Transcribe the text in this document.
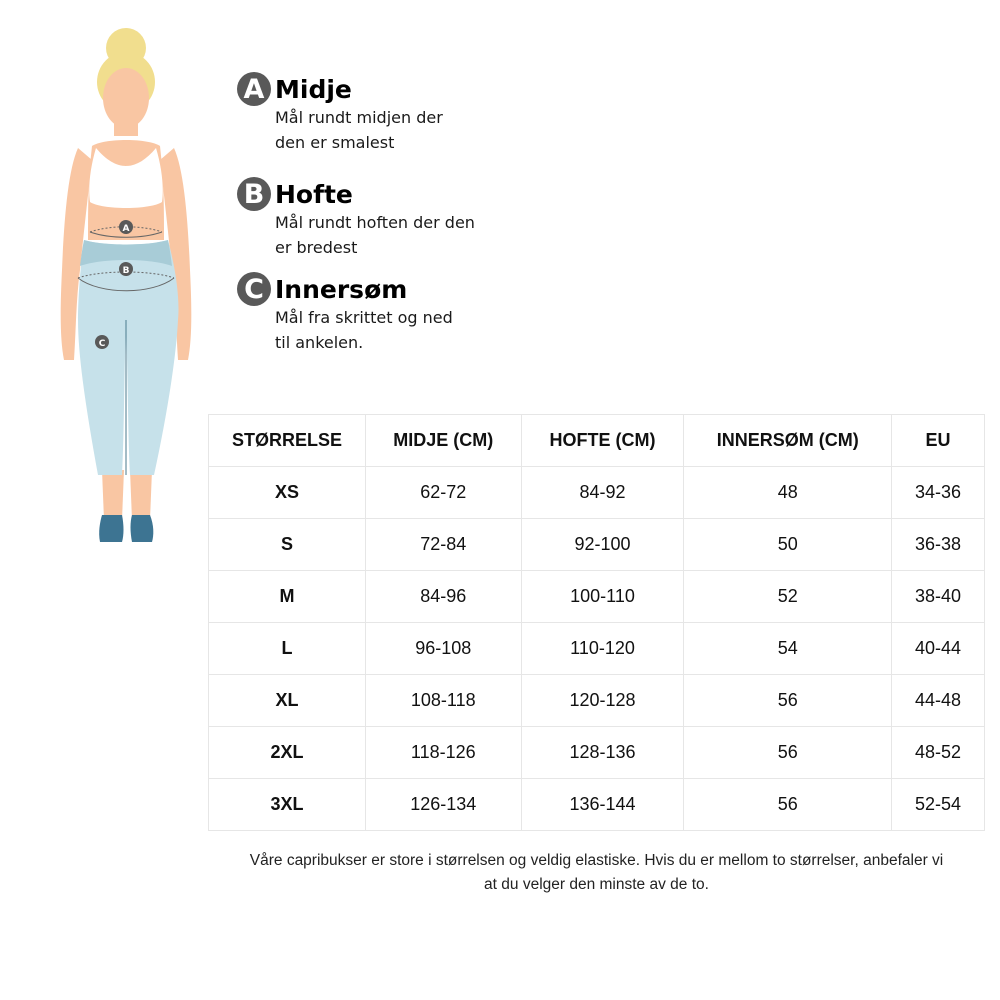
A
B
C
A Midje
Mål rundt midjen der
den er smalest
B Hofte
Mål rundt hoften der den
er bredest
C Innersøm
Mål fra skrittet og ned
til ankelen.
STØRRELSE	MIDJE (CM)	HOFTE (CM)	INNERSØM (CM)	EU
XS	62-72	84-92	48	34-36
S	72-84	92-100	50	36-38
M	84-96	100-110	52	38-40
L	96-108	110-120	54	40-44
XL	108-118	120-128	56	44-48
2XL	118-126	128-136	56	48-52
3XL	126-134	136-144	56	52-54
Våre capribukser er store i størrelsen og veldig elastiske. Hvis du er mellom to størrelser, anbefaler vi
at du velger den minste av de to.
